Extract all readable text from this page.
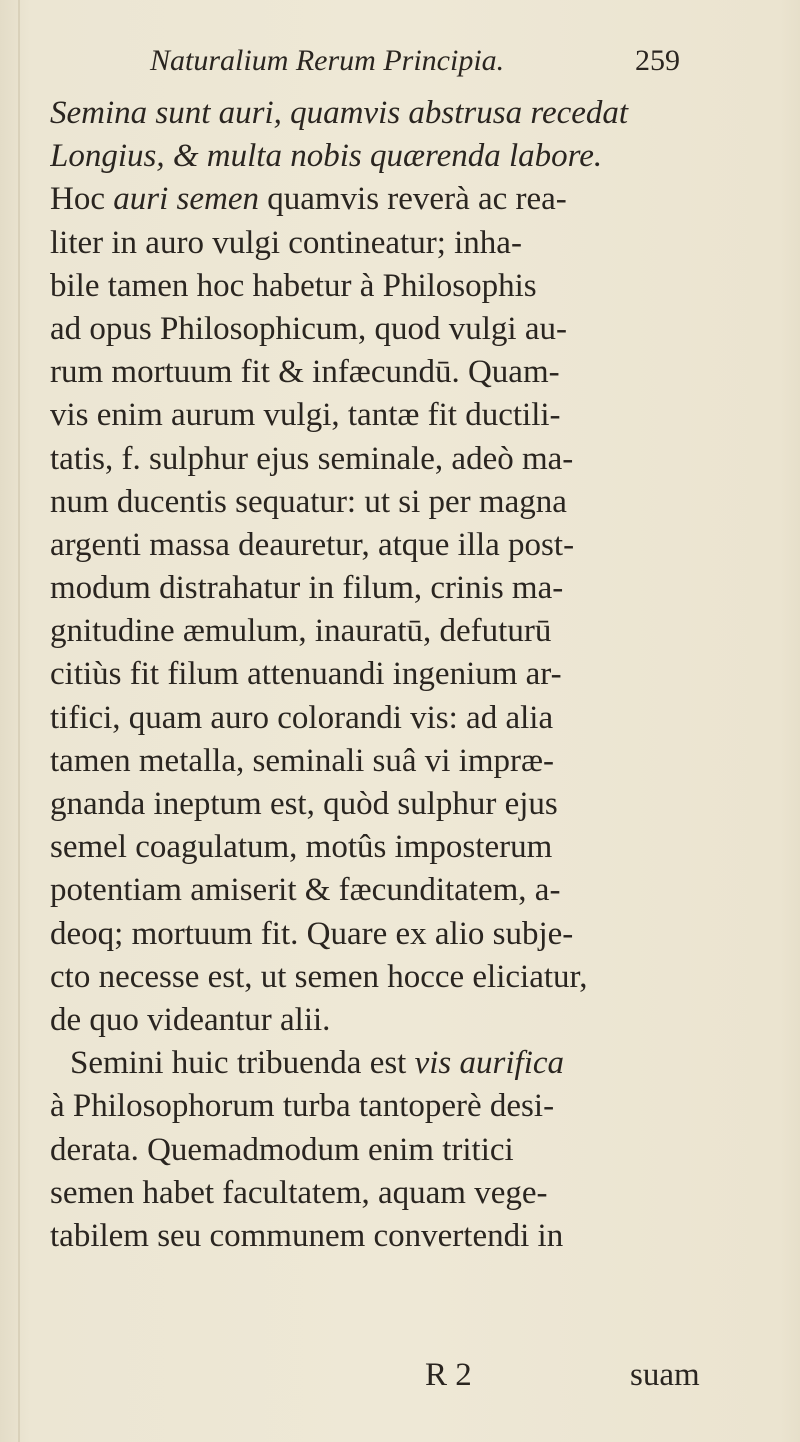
Naturalium Rerum Principia.	259
Semina sunt auri, quamvis abstrusa recedat
Longius, & multa nobis quærenda labore.
Hoc auri semen quamvis reverà ac rea-
liter in auro vulgi contineatur; inha-
bile tamen hoc habetur à Philosophis
ad opus Philosophicum, quod vulgi au-
rum mortuum fit & infæcundū. Quam-
vis enim aurum vulgi, tantæ fit ductili-
tatis, f. sulphur ejus seminale, adeò ma-
num ducentis sequatur: ut si per magna
argenti massa deauretur, atque illa post-
modum distrahatur in filum, crinis ma-
gnitudine æmulum, inauratū, defuturū
citiùs fit filum attenuandi ingenium ar-
tifici, quam auro colorandi vis: ad alia
tamen metalla, seminali suâ vi impræ-
gnanda ineptum est, quòd sulphur ejus
semel coagulatum, motûs imposterum
potentiam amiserit & fæcunditatem, a-
deoq; mortuum fit. Quare ex alio subje-
cto necesse est, ut semen hocce eliciatur,
de quo videantur alii.
Semini huic tribuenda est vis aurifica
à Philosophorum turba tantoperè desi-
derata. Quemadmodum enim tritici
semen habet facultatem, aquam vege-
tabilem seu communem convertendi in
R 2	suam
